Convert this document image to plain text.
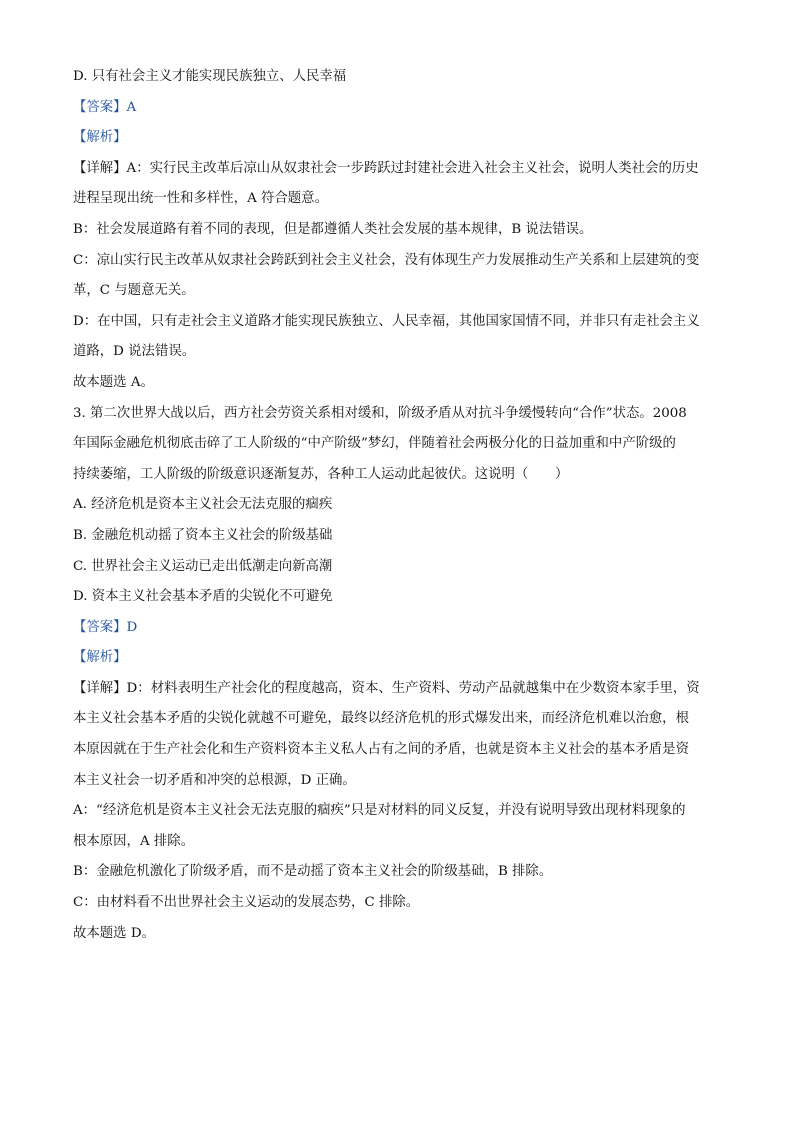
D. 只有社会主义才能实现民族独立、人民幸福

【答案】A

【解析】

【详解】A：实行民主改革后凉山从奴隶社会一步跨跃过封建社会进入社会主义社会，说明人类社会的历史

进程呈现出统一性和多样性，A 符合题意。

B：社会发展道路有着不同的表现，但是都遵循人类社会发展的基本规律，B 说法错误。

C：凉山实行民主改革从奴隶社会跨跃到社会主义社会，没有体现生产力发展推动生产关系和上层建筑的变

革，C 与题意无关。

D：在中国，只有走社会主义道路才能实现民族独立、人民幸福，其他国家国情不同，并非只有走社会主义

道路，D 说法错误。

故本题选 A。

3. 第二次世界大战以后，西方社会劳资关系相对缓和，阶级矛盾从对抗斗争缓慢转向“合作”状态。2008

年国际金融危机彻底击碎了工人阶级的“中产阶级”梦幻，伴随着社会两极分化的日益加重和中产阶级的

持续萎缩，工人阶级的阶级意识逐渐复苏，各种工人运动此起彼伏。这说明（　　）

A. 经济危机是资本主义社会无法克服的痼疾

B. 金融危机动摇了资本主义社会的阶级基础

C. 世界社会主义运动已走出低潮走向新高潮

D. 资本主义社会基本矛盾的尖锐化不可避免

【答案】D

【解析】

【详解】D：材料表明生产社会化的程度越高，资本、生产资料、劳动产品就越集中在少数资本家手里，资

本主义社会基本矛盾的尖锐化就越不可避免，最终以经济危机的形式爆发出来，而经济危机难以治愈，根

本原因就在于生产社会化和生产资料资本主义私人占有之间的矛盾，也就是资本主义社会的基本矛盾是资

本主义社会一切矛盾和冲突的总根源，D 正确。

A：“经济危机是资本主义社会无法克服的痼疾”只是对材料的同义反复，并没有说明导致出现材料现象的

根本原因，A 排除。

B：金融危机激化了阶级矛盾，而不是动摇了资本主义社会的阶级基础，B 排除。

C：由材料看不出世界社会主义运动的发展态势，C 排除。

故本题选 D。
